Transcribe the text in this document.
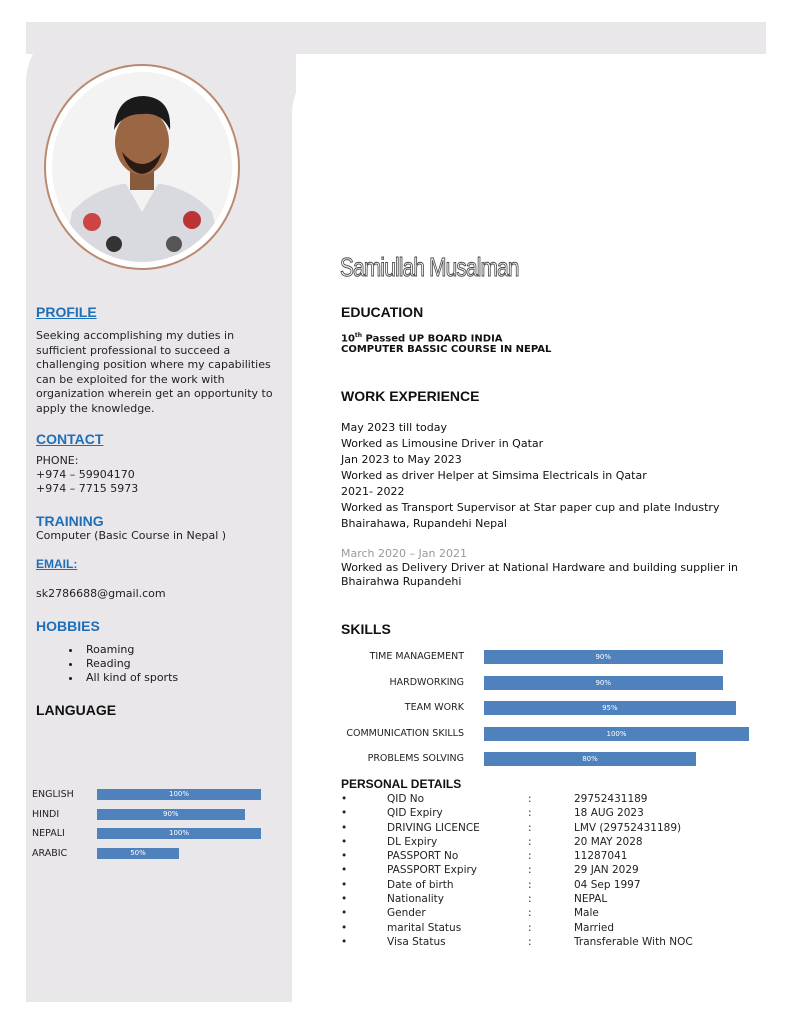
Samiullah Musalman
PROFILE
Seeking accomplishing my duties in sufficient professional to succeed a challenging position where my capabilities can be exploited for the work with organization wherein get an opportunity to apply the knowledge.
CONTACT
PHONE:
+974 – 59904170
+974 – 7715 5973
TRAINING
Computer (Basic Course in Nepal )
EMAIL:
sk2786688@gmail.com
HOBBIES
• Roaming
• Reading
• All kind of sports
LANGUAGE
ENGLISH	100%
HINDI	90%
NEPALI	100%
ARABIC	50%
EDUCATION
10th Passed UP BOARD INDIA
COMPUTER BASSIC COURSE IN NEPAL
WORK EXPERIENCE
May 2023 till today
Worked as Limousine Driver in Qatar
Jan 2023 to May 2023
Worked as driver Helper at Simsima Electricals in Qatar
2021- 2022
Worked as Transport Supervisor at Star paper cup and plate Industry
Bhairahawa, Rupandehi Nepal
March 2020 – Jan 2021
Worked as Delivery Driver at National Hardware and building supplier in
Bhairahwa Rupandehi
SKILLS
TIME MANAGEMENT	90%
HARDWORKING	90%
TEAM WORK	95%
COMMUNICATION SKILLS	100%
PROBLEMS SOLVING	80%
PERSONAL DETAILS
•	QID No	:	29752431189
•	QID Expiry	:	18 AUG 2023
•	DRIVING LICENCE	:	LMV (29752431189)
•	DL Expiry	:	20 MAY 2028
•	PASSPORT No	:	11287041
•	PASSPORT Expiry	:	29 JAN 2029
•	Date of birth	:	04 Sep 1997
•	Nationality	:	NEPAL
•	Gender	:	Male
•	marital Status	:	Married
•	Visa Status	:	Transferable With NOC
